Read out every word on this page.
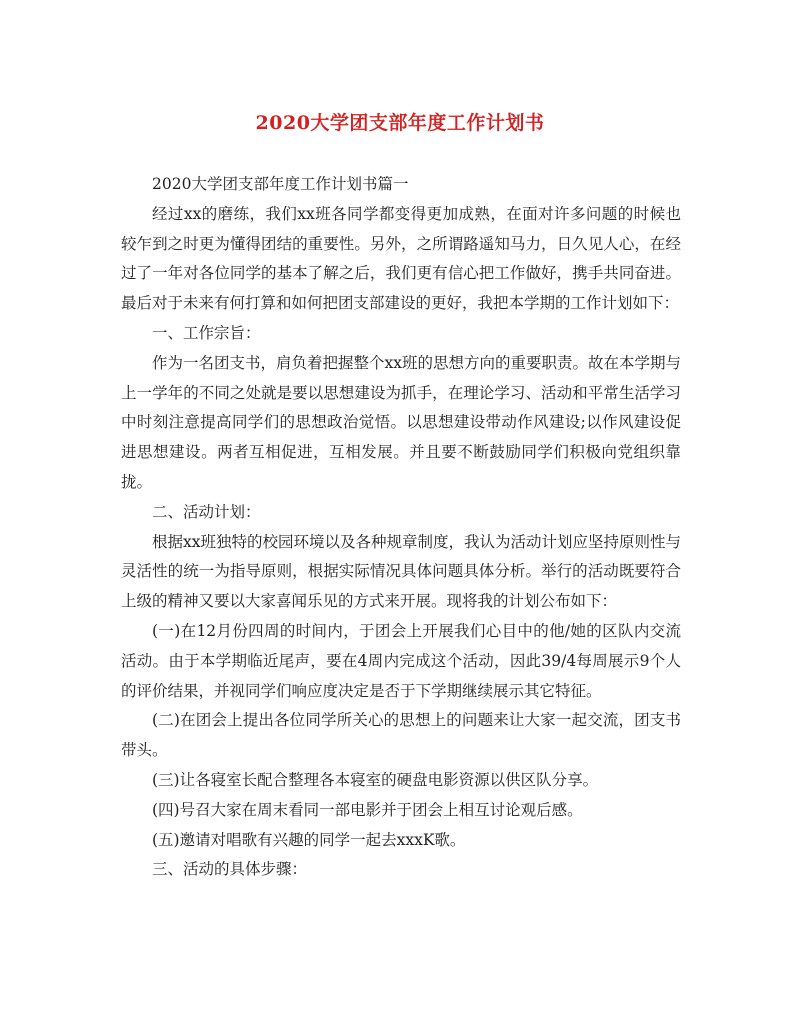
2020大学团支部年度工作计划书

2020大学团支部年度工作计划书篇一

经过xx的磨练，我们xx班各同学都变得更加成熟，在面对许多问题的时候也较乍到之时更为懂得团结的重要性。另外，之所谓路遥知马力，日久见人心，在经过了一年对各位同学的基本了解之后，我们更有信心把工作做好，携手共同奋进。最后对于未来有何打算和如何把团支部建设的更好，我把本学期的工作计划如下：

一、工作宗旨：

作为一名团支书，肩负着把握整个xx班的思想方向的重要职责。故在本学期与上一学年的不同之处就是要以思想建设为抓手，在理论学习、活动和平常生活学习中时刻注意提高同学们的思想政治觉悟。以思想建设带动作风建设;以作风建设促进思想建设。两者互相促进，互相发展。并且要不断鼓励同学们积极向党组织靠拢。

二、活动计划：

根据xx班独特的校园环境以及各种规章制度，我认为活动计划应坚持原则性与灵活性的统一为指导原则，根据实际情况具体问题具体分析。举行的活动既要符合上级的精神又要以大家喜闻乐见的方式来开展。现将我的计划公布如下：

(一)在12月份四周的时间内，于团会上开展我们心目中的他/她的区队内交流活动。由于本学期临近尾声，要在4周内完成这个活动，因此39/4每周展示9个人的评价结果，并视同学们响应度决定是否于下学期继续展示其它特征。

(二)在团会上提出各位同学所关心的思想上的问题来让大家一起交流，团支书带头。

(三)让各寝室长配合整理各本寝室的硬盘电影资源以供区队分享。

(四)号召大家在周末看同一部电影并于团会上相互讨论观后感。

(五)邀请对唱歌有兴趣的同学一起去xxxK歌。

三、活动的具体步骤：
